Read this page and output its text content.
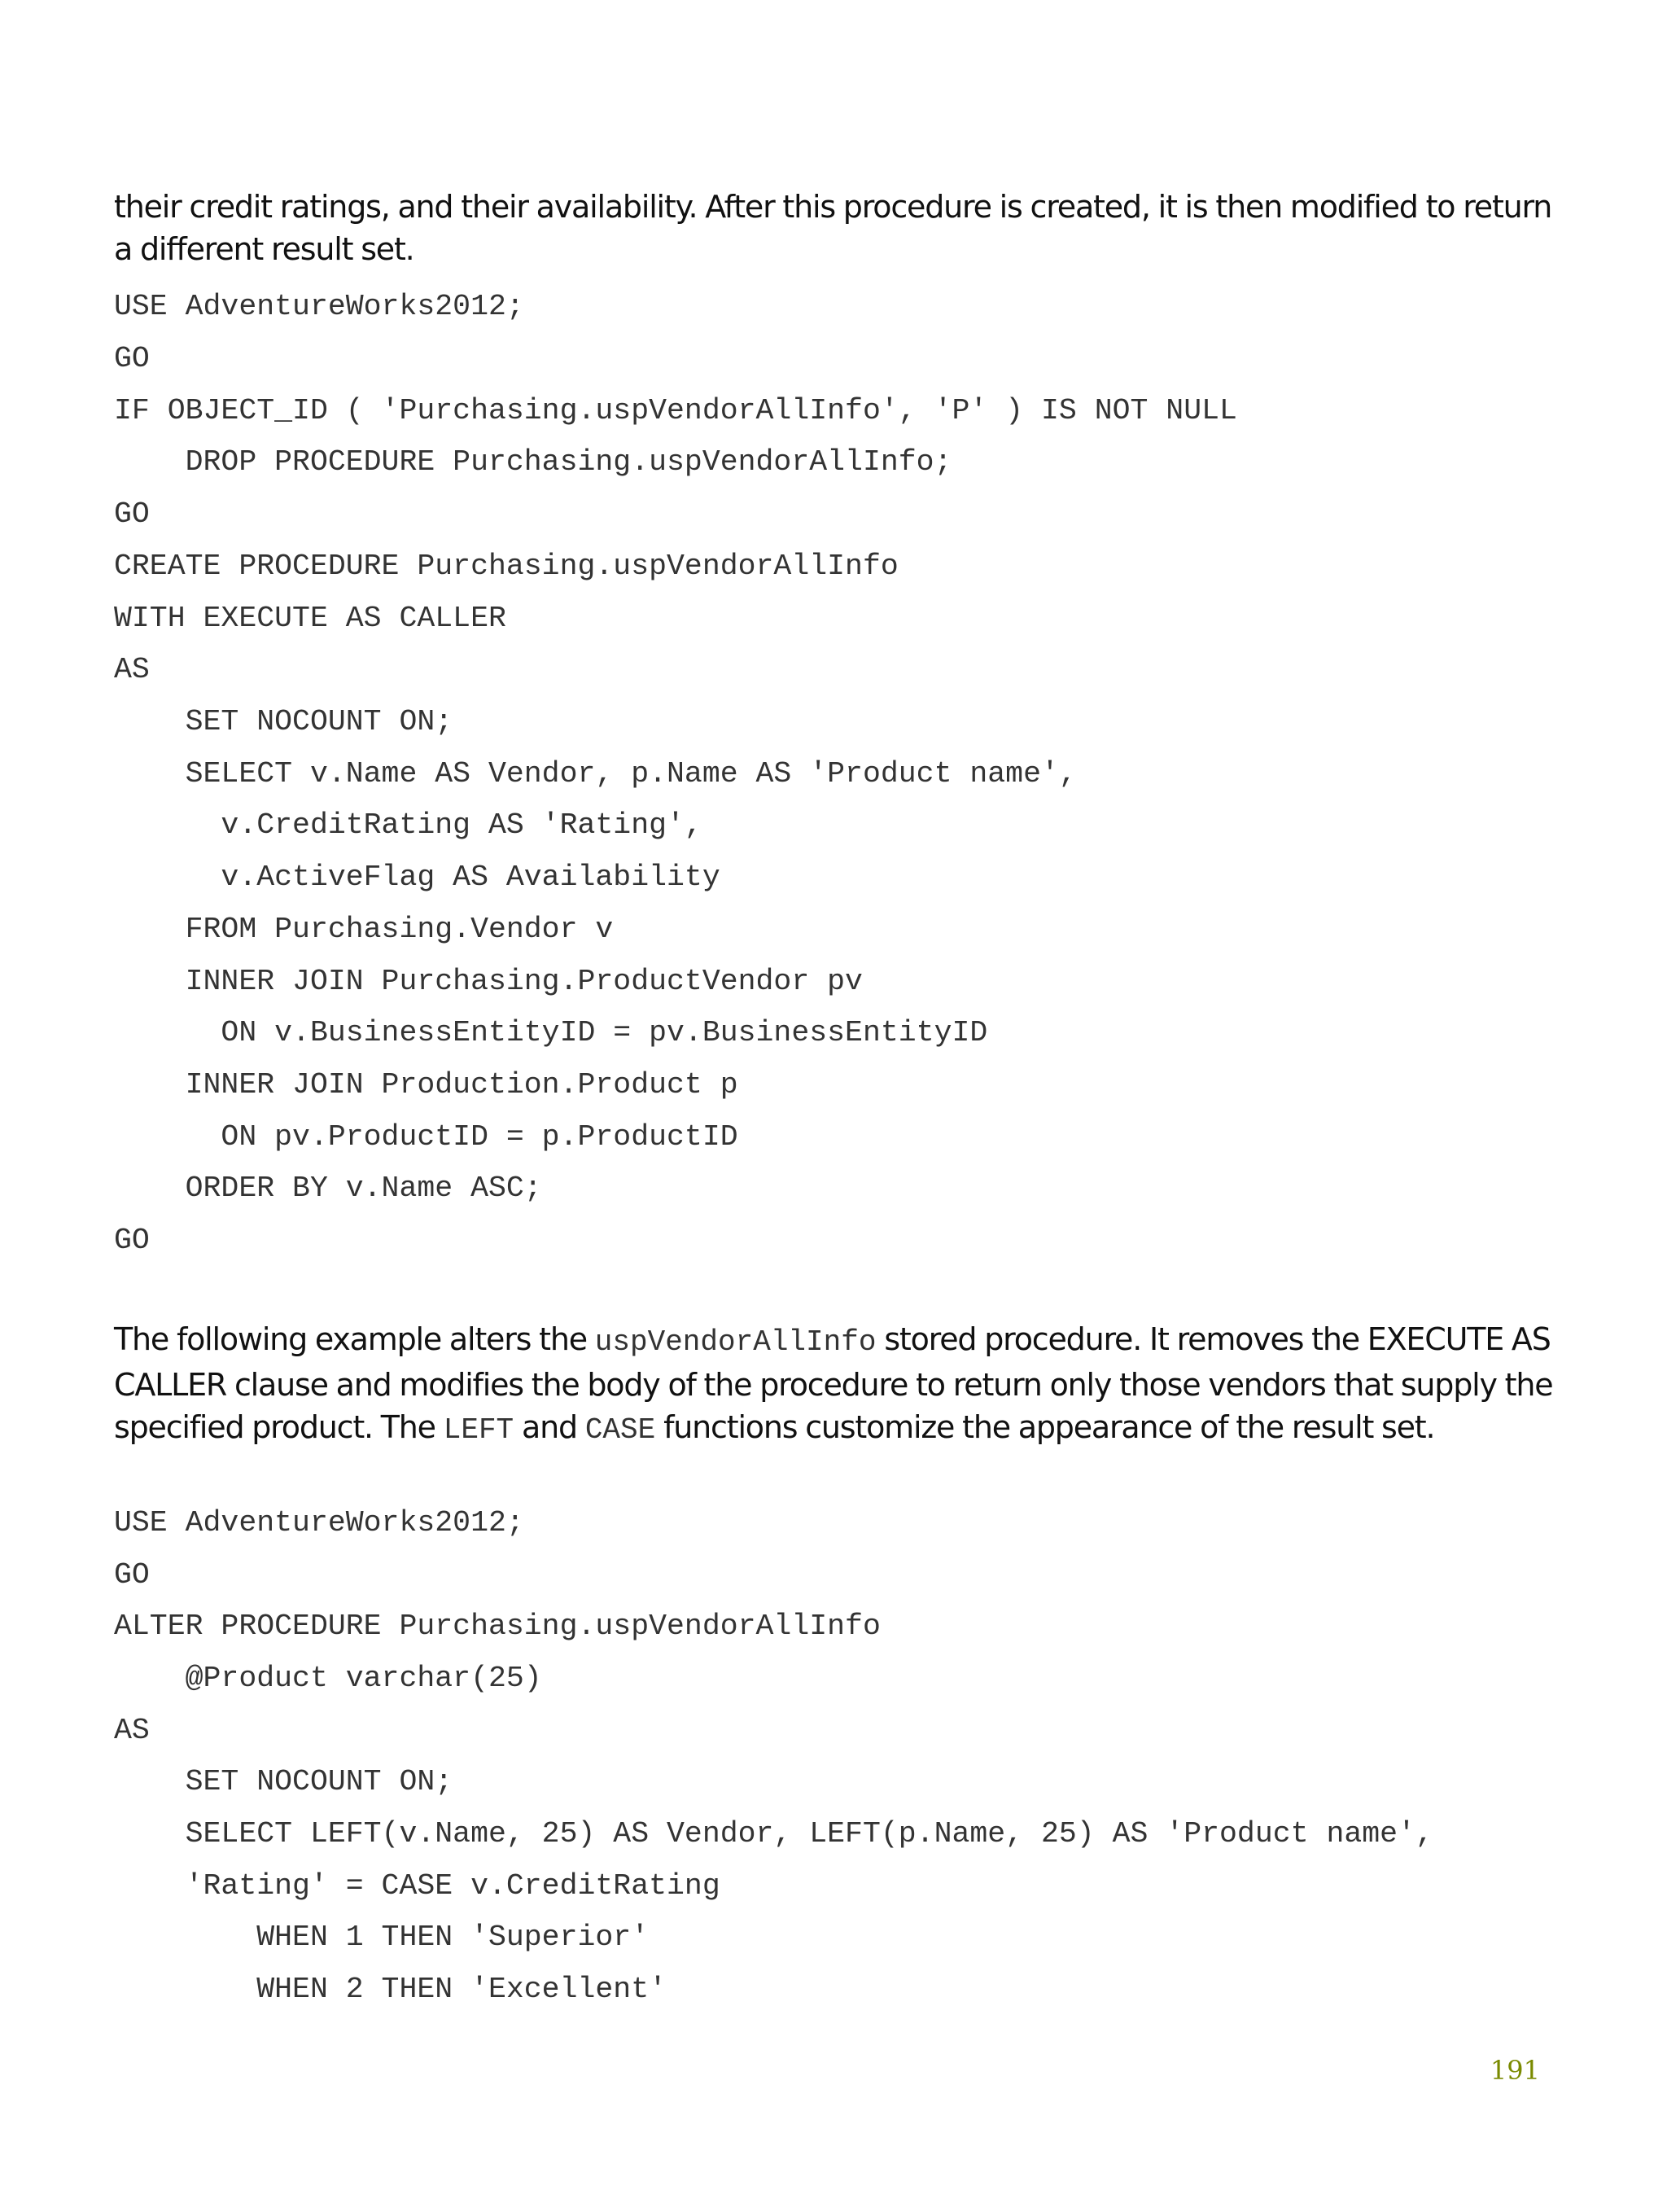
their credit ratings, and their availability. After this procedure is created, it is then modified to return a different result set.
USE AdventureWorks2012;
GO
IF OBJECT_ID ( 'Purchasing.uspVendorAllInfo', 'P' ) IS NOT NULL
DROP PROCEDURE Purchasing.uspVendorAllInfo;
GO
CREATE PROCEDURE Purchasing.uspVendorAllInfo
WITH EXECUTE AS CALLER
AS
SET NOCOUNT ON;
SELECT v.Name AS Vendor, p.Name AS 'Product name',
v.CreditRating AS 'Rating',
v.ActiveFlag AS Availability
FROM Purchasing.Vendor v
INNER JOIN Purchasing.ProductVendor pv
ON v.BusinessEntityID = pv.BusinessEntityID
INNER JOIN Production.Product p
ON pv.ProductID = p.ProductID
ORDER BY v.Name ASC;
GO
The following example alters the uspVendorAllInfo stored procedure. It removes the EXECUTE AS CALLER clause and modifies the body of the procedure to return only those vendors that supply the specified product. The LEFT and CASE functions customize the appearance of the result set.
USE AdventureWorks2012;
GO
ALTER PROCEDURE Purchasing.uspVendorAllInfo
@Product varchar(25)
AS
SET NOCOUNT ON;
SELECT LEFT(v.Name, 25) AS Vendor, LEFT(p.Name, 25) AS 'Product name',
'Rating' = CASE v.CreditRating
WHEN 1 THEN 'Superior'
WHEN 2 THEN 'Excellent'
191
